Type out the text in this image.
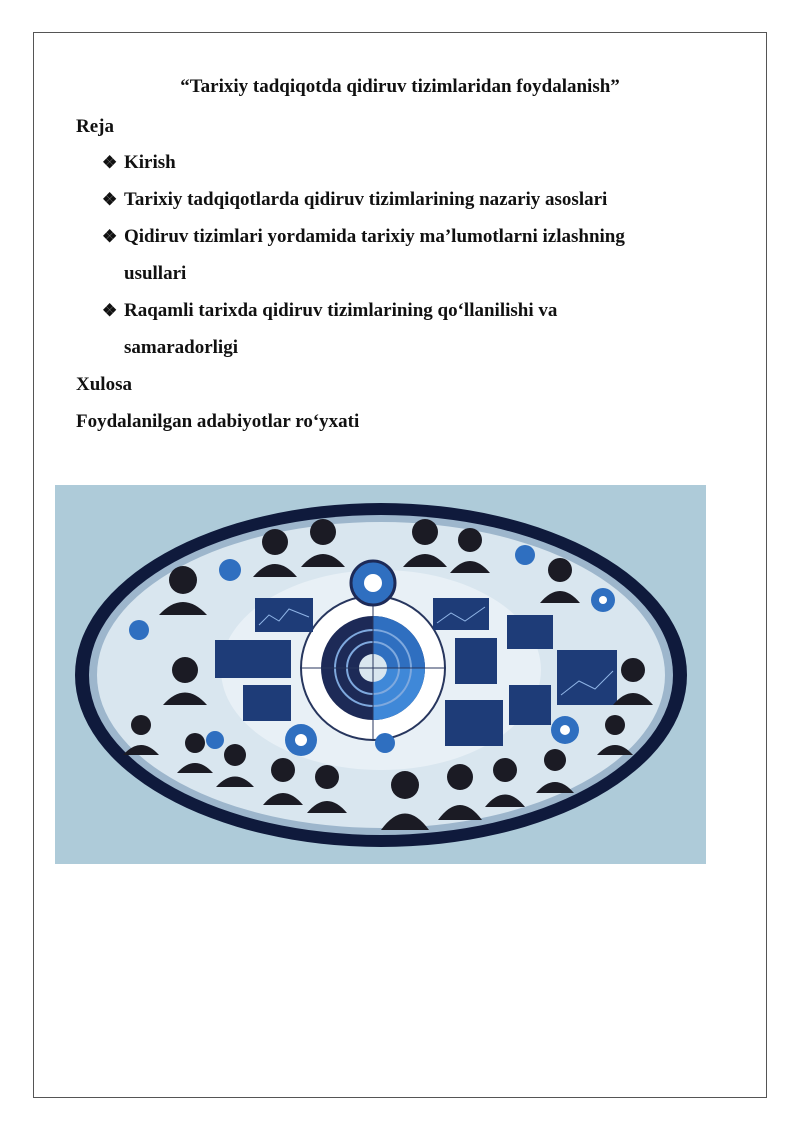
“Tarixiy tadqiqotda qidiruv tizimlaridan foydalanish”
Reja
❖ Kirish
❖ Tarixiy tadqiqotlarda qidiruv tizimlarining nazariy asoslari
❖ Qidiruv tizimlari yordamida tarixiy ma’lumotlarni izlashning
usullari
❖ Raqamli tarixda qidiruv tizimlarining qo‘llanilishi va
samaradorligi
Xulosa
Foydalanilgan adabiyotlar ro‘yxati
